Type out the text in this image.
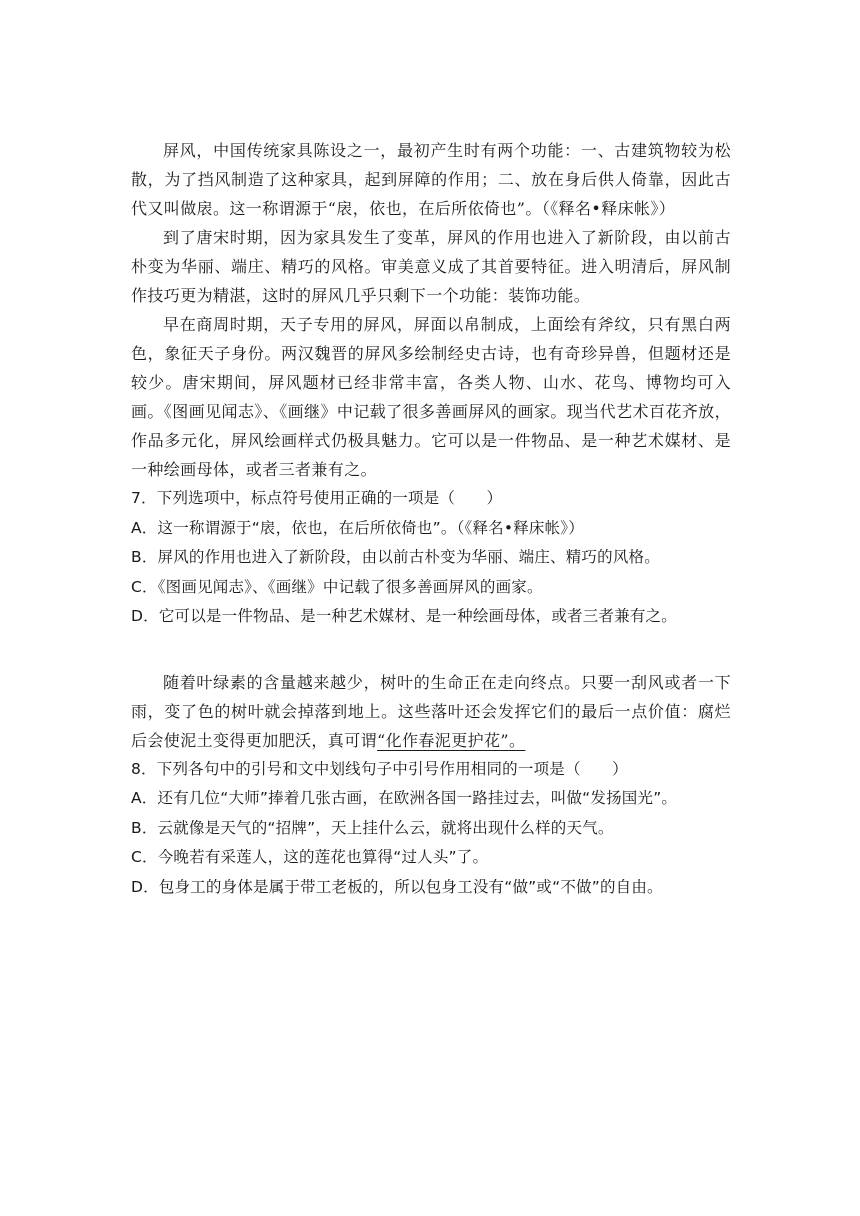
屏风，中国传统家具陈设之一，最初产生时有两个功能：一、古建筑物较为松散，为了挡风制造了这种家具，起到屏障的作用；二、放在身后供人倚靠，因此古代又叫做扆。这一称谓源于“扆，依也，在后所依倚也”。（《释名•释床帐》）

到了唐宋时期，因为家具发生了变革，屏风的作用也进入了新阶段，由以前古朴变为华丽、端庄、精巧的风格。审美意义成了其首要特征。进入明清后，屏风制作技巧更为精湛，这时的屏风几乎只剩下一个功能：装饰功能。

早在商周时期，天子专用的屏风，屏面以帛制成，上面绘有斧纹，只有黑白两色，象征天子身份。两汉魏晋的屏风多绘制经史古诗，也有奇珍异兽，但题材还是较少。唐宋期间，屏风题材已经非常丰富，各类人物、山水、花鸟、博物均可入画。《图画见闻志》、《画继》中记载了很多善画屏风的画家。现当代艺术百花齐放，作品多元化，屏风绘画样式仍极具魅力。它可以是一件物品、是一种艺术媒材、是一种绘画母体，或者三者兼有之。

7．下列选项中，标点符号使用正确的一项是（　　）

A．这一称谓源于“扆，依也，在后所依倚也”。（《释名•释床帐》）

B．屏风的作用也进入了新阶段，由以前古朴变为华丽、端庄、精巧的风格。

C．《图画见闻志》、《画继》中记载了很多善画屏风的画家。

D．它可以是一件物品、是一种艺术媒材、是一种绘画母体，或者三者兼有之。

随着叶绿素的含量越来越少，树叶的生命正在走向终点。只要一刮风或者一下雨，变了色的树叶就会掉落到地上。这些落叶还会发挥它们的最后一点价值：腐烂后会使泥土变得更加肥沃，真可谓“化作春泥更护花”。

8．下列各句中的引号和文中划线句子中引号作用相同的一项是（　　）

A．还有几位“大师”捧着几张古画，在欧洲各国一路挂过去，叫做“发扬国光”。

B．云就像是天气的“招牌”，天上挂什么云，就将出现什么样的天气。

C．今晚若有采莲人，这的莲花也算得“过人头”了。

D．包身工的身体是属于带工老板的，所以包身工没有“做”或“不做”的自由。
